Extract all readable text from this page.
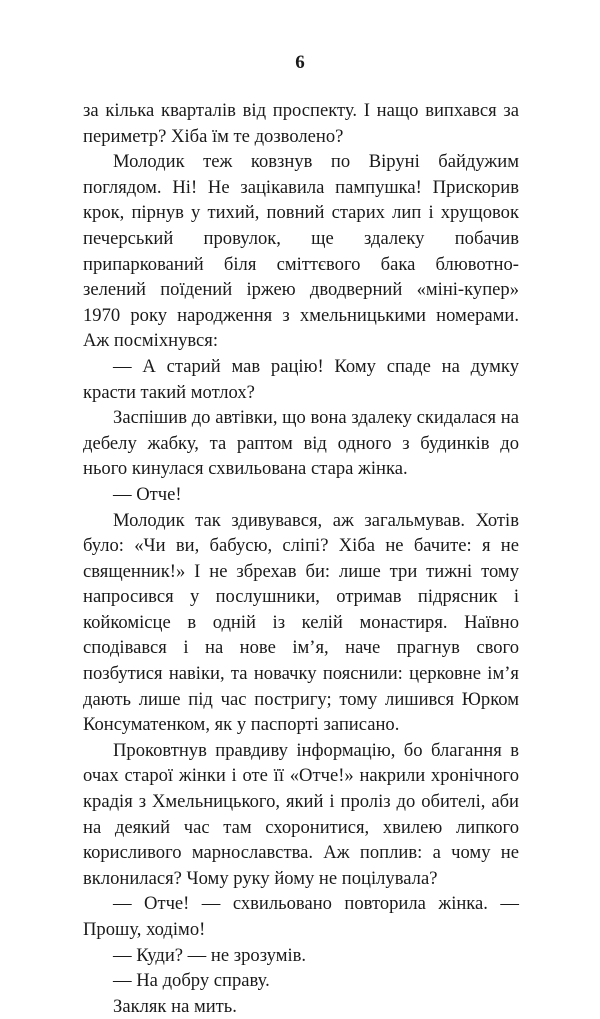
6

за кілька кварталів від проспекту. І нащо випхався за периметр? Хіба їм те дозволено?

Молодик теж ковзнув по Віруні байдужим поглядом. Ні! Не зацікавила пампушка! Прискорив крок, пірнув у тихий, повний старих лип і хрущовок печерський провулок, ще здалеку побачив припаркований біля сміттєвого бака блювотно-зелений поїдений іржею дводверний «міні-купер» 1970 року народження з хмельницькими номерами. Аж посміхнувся:

— А старий мав рацію! Кому спаде на думку красти такий мотлох?

Заспішив до автівки, що вона здалеку скидалася на дебелу жабку, та раптом від одного з будинків до нього кинулася схвильована стара жінка.

— Отче!

Молодик так здивувався, аж загальмував. Хотів було: «Чи ви, бабусю, сліпі? Хіба не бачите: я не священник!» І не збрехав би: лише три тижні тому напросився у послушники, отримав підрясник і койкомісце в одній із келій монастиря. Наївно сподівався і на нове ім’я, наче прагнув свого позбутися навіки, та новачку пояснили: церковне ім’я дають лише під час постригу; тому лишився Юрком Консуматенком, як у паспорті записано.

Проковтнув правдиву інформацію, бо благання в очах старої жінки і оте її «Отче!» накрили хронічного крадія з Хмельницького, який і проліз до обителі, аби на деякий час там схоронитися, хвилею липкого корисливого марнославства. Аж поплив: а чому не вклонилася? Чому руку йому не поцілувала?

— Отче! — схвильовано повторила жінка. — Прошу, ходімо!

— Куди? — не зрозумів.

— На добру справу.

Закляк на мить.
